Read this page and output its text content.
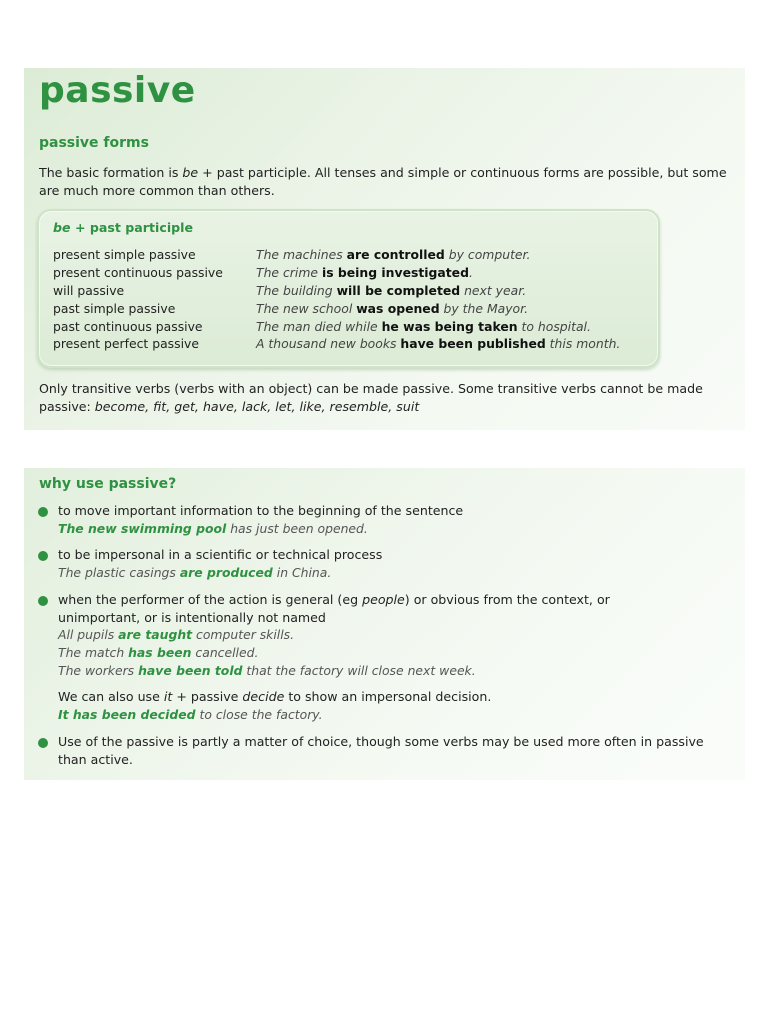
passive
passive forms

The basic formation is be + past participle. All tenses and simple or continuous forms are possible, but some are much more common than others.

be + past participle

present simple passive	The machines are controlled by computer.
present continuous passive	The crime is being investigated.
will passive	The building will be completed next year.
past simple passive	The new school was opened by the Mayor.
past continuous passive	The man died while he was being taken to hospital.
present perfect passive	A thousand new books have been published this month.

Only transitive verbs (verbs with an object) can be made passive. Some transitive verbs cannot be made passive: become, fit, get, have, lack, let, like, resemble, suit

why use passive?

to move important information to the beginning of the sentence

The new swimming pool has just been opened.

to be impersonal in a scientific or technical process

The plastic casings are produced in China.

when the performer of the action is general (eg people) or obvious from the context, or unimportant, or is intentionally not named

All pupils are taught computer skills.

The match has been cancelled.

The workers have been told that the factory will close next week.

We can also use it + passive decide to show an impersonal decision.

It has been decided to close the factory.

Use of the passive is partly a matter of choice, though some verbs may be used more often in passive than active.
